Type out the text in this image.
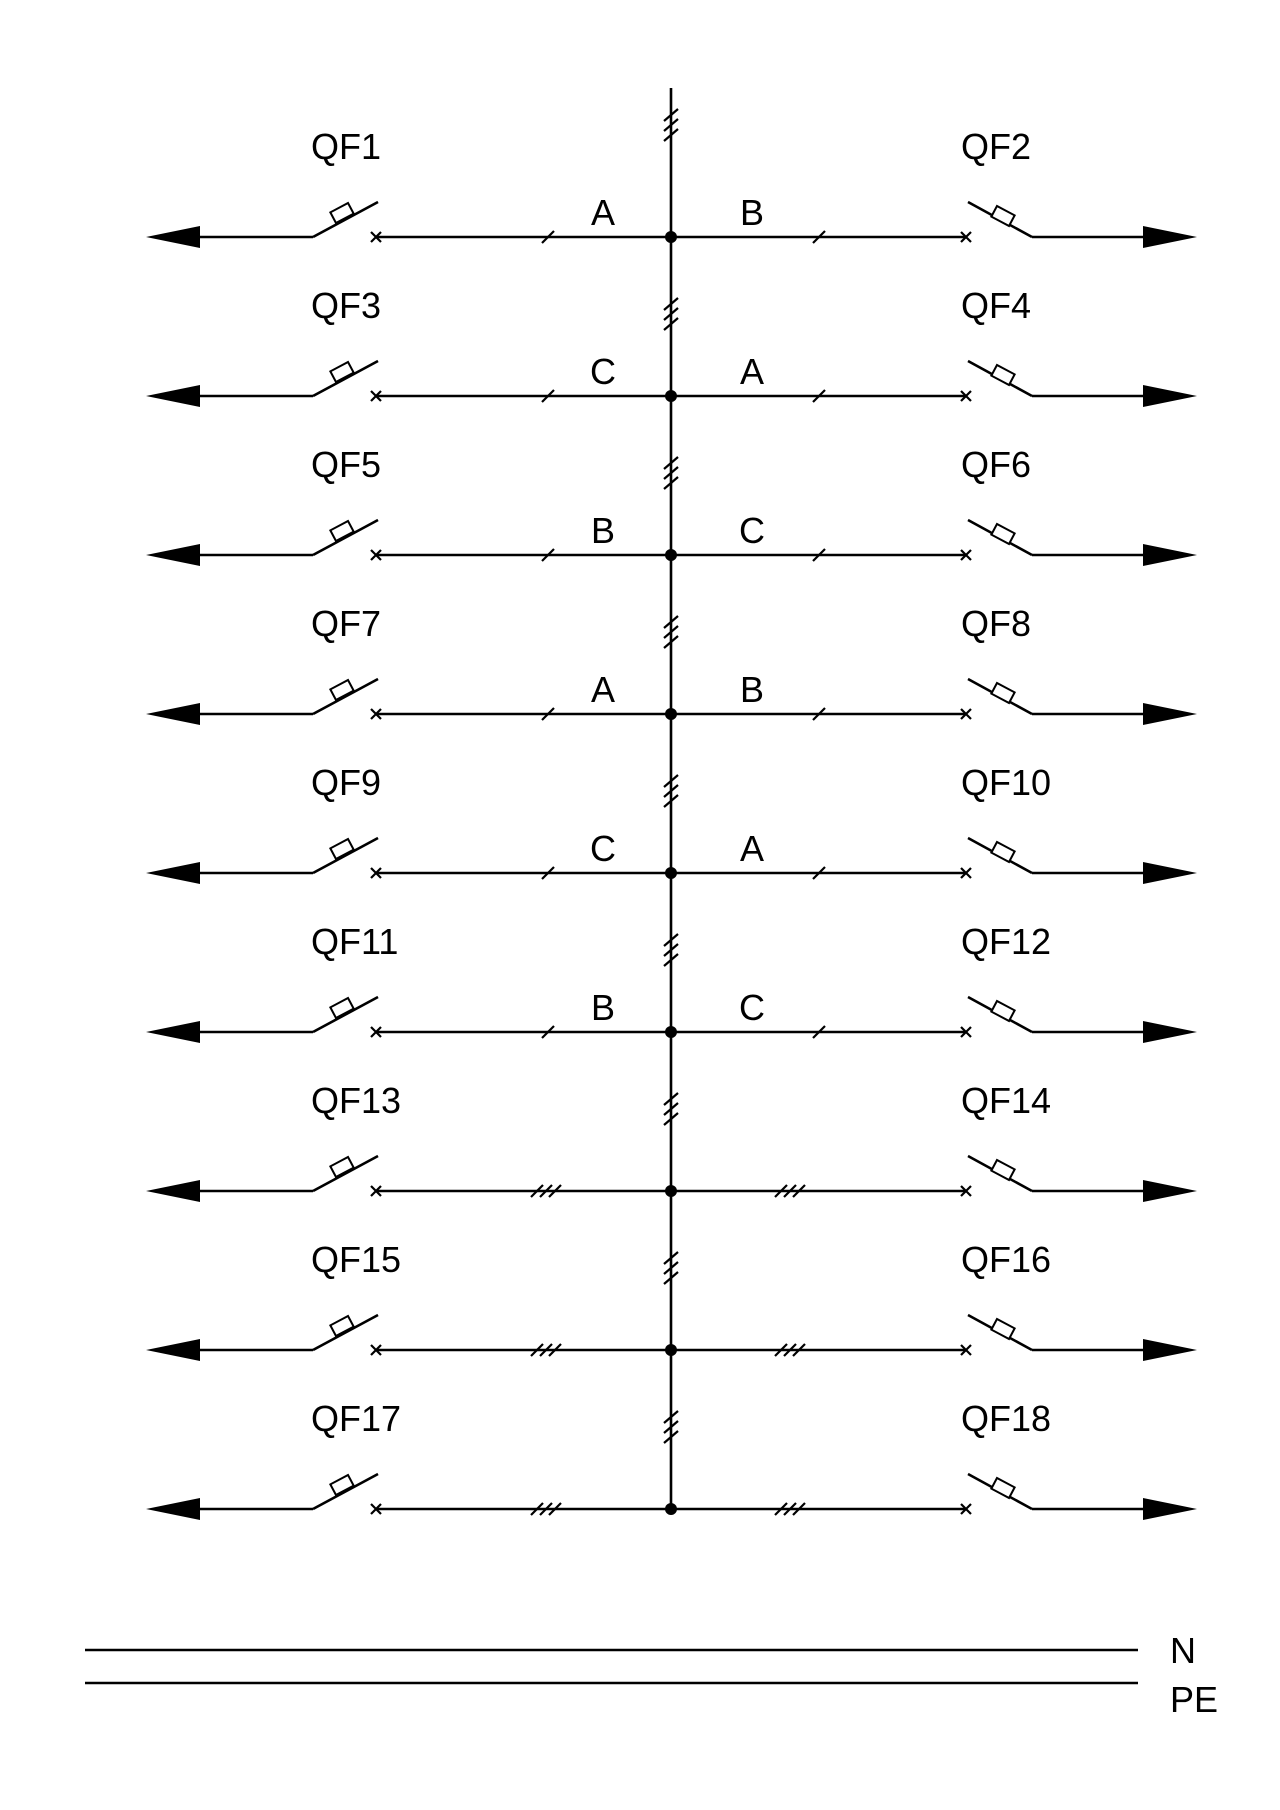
QF1	QF2
A	B
QF3	QF4
C	A
QF5	QF6
B	C
QF7	QF8
A	B
QF9	QF10
C	A
QF11	QF12
B	C
QF13	QF14
QF15	QF16
QF17	QF18
N
PE
